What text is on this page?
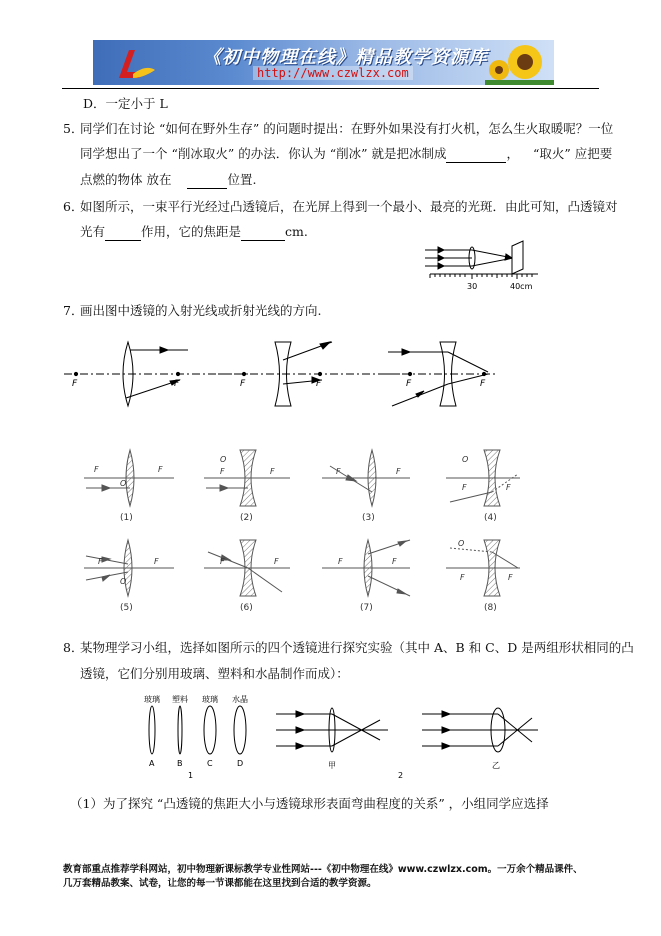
《初中物理在线》精品教学资源库
http://www.czwlzx.com
D．一定小于 L
5．
同学们在讨论 “如何在野外生存” 的问题时提出：在野外如果没有打火机，怎么生火取暖呢？一位
同学想出了一个 “削冰取火” 的办法．你认为 “削冰” 就是把冰制成	， “取火” 应把要
点燃的物体 放在	位置.
6．
如图所示，一束平行光经过凸透镜后，在光屏上得到一个最小、最亮的光斑．由此可知，凸透镜对
光有	作用，它的焦距是	cm.
30	40cm
7．
画出图中透镜的入射光线或折射光线的方向.
F	F	F	F	F	F
F	F
O
O
F	F	F	F
O
F	F
F	F
O
F	F	F	F
O
F	F
(1)	(2)	(3)	(4)
(5)	(6)	(7)	(8)
8．
某物理学习小组，选择如图所示的四个透镜进行探究实验（其中 A、B 和 C、D 是两组形状相同的凸
透镜，它们分别用玻璃、塑料和水晶制作而成）：
玻璃 塑料 玻璃 水晶
A	B	C	D
1
甲
2
乙
（1）为了探究 “凸透镜的焦距大小与透镜球形表面弯曲程度的关系” ，小组同学应选择
教育部重点推荐学科网站，初中物理新课标教学专业性网站---《初中物理在线》www.czwlzx.com。一万余个精品课件、
几万套精品教案、试卷，让您的每一节课都能在这里找到合适的教学资源。
